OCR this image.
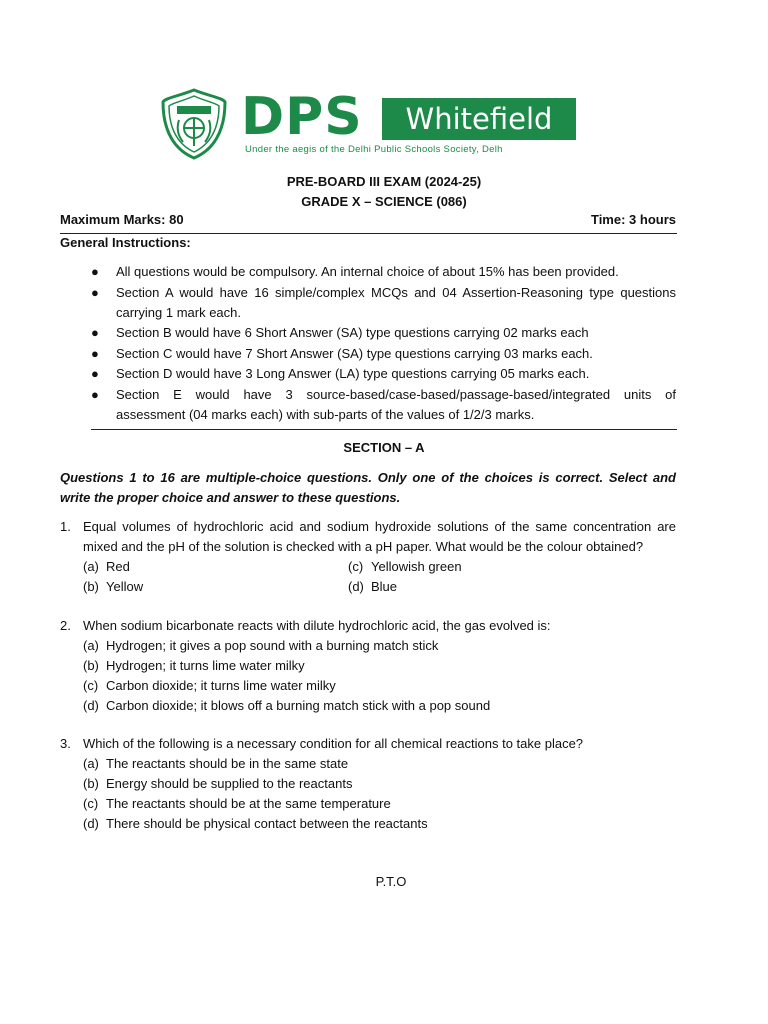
DPS	Whitefield
Under the aegis of the Delhi Public Schools Society, Delh
PRE-BOARD III EXAM (2024-25)
GRADE X – SCIENCE (086)
Maximum Marks: 80	Time: 3 hours
General Instructions:
● All questions would be compulsory. An internal choice of about 15% has been provided.
● Section A would have 16 simple/complex MCQs and 04 Assertion-Reasoning type questions carrying 1 mark each.
● Section B would have 6 Short Answer (SA) type questions carrying 02 marks each
● Section C would have 7 Short Answer (SA) type questions carrying 03 marks each.
● Section D would have 3 Long Answer (LA) type questions carrying 05 marks each.
● Section E would have 3 source-based/case-based/passage-based/integrated units of assessment (04 marks each) with sub-parts of the values of 1/2/3 marks.
SECTION – A
Questions 1 to 16 are multiple-choice questions. Only one of the choices is correct. Select and write the proper choice and answer to these questions.
1. Equal volumes of hydrochloric acid and sodium hydroxide solutions of the same concentration are mixed and the pH of the solution is checked with a pH paper. What would be the colour obtained?
(a) Red	(c) Yellowish green
(b) Yellow	(d) Blue
2. When sodium bicarbonate reacts with dilute hydrochloric acid, the gas evolved is:
(a) Hydrogen; it gives a pop sound with a burning match stick
(b) Hydrogen; it turns lime water milky
(c) Carbon dioxide; it turns lime water milky
(d) Carbon dioxide; it blows off a burning match stick with a pop sound
3. Which of the following is a necessary condition for all chemical reactions to take place?
(a) The reactants should be in the same state
(b) Energy should be supplied to the reactants
(c) The reactants should be at the same temperature
(d) There should be physical contact between the reactants
P.T.O
